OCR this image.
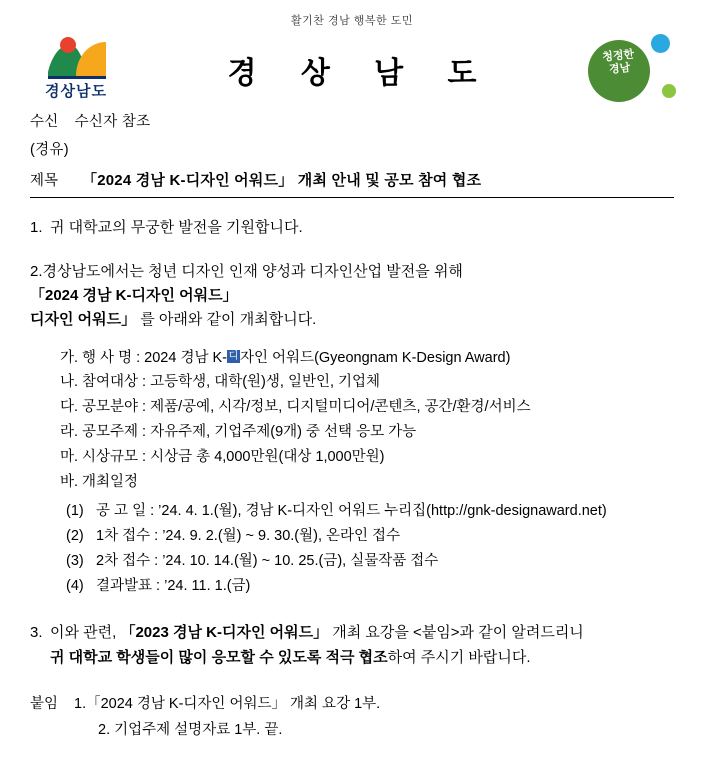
활기찬 경남 행복한 도민
경상남도
경 상 남 도
청정한
경남
수신 수신자 참조
(경유)
제목	「2024 경남 K-디자인 어워드」 개최 안내 및 공모 참여 협조
1. 귀 대학교의 무궁한 발전을 기원합니다.
2.경상남도에서는 청년 디자인 인재 양성과 디자인산업 발전을 위해 「2024 경남 K-디자인 어워드」
디자인 어워드」 를 아래와 같이 개최합니다.
가. 행 사 명 : 2024 경남 K- 디 자인 어워드(Gyeongnam K-Design Award)
나. 참여대상 : 고등학생, 대학(원)생, 일반인, 기업체
다. 공모분야 : 제품/공예, 시각/정보, 디지털미디어/콘텐츠, 공간/환경/서비스
라. 공모주제 : 자유주제, 기업주제(9개) 중 선택 응모 가능
마. 시상규모 : 시상금 총 4,000만원(대상 1,000만원)
바. 개최일정
(1) 공 고 일 : ’24. 4. 1.(월), 경남 K-디자인 어워드 누리집(http://gnk-designaward.net)
(2) 1차 접수 : ’24. 9. 2.(월) ~ 9. 30.(월), 온라인 접수
(3) 2차 접수 : ’24. 10. 14.(월) ~ 10. 25.(금), 실물작품 접수
(4) 결과발표 : ’24. 11. 1.(금)
3. 이와 관련, 「2023 경남 K-디자인 어워드」 개최 요강을 <붙임>과 같이 알려드리니
귀 대학교 학생들이 많이 응모할 수 있도록 적극 협조하여 주시기 바랍니다.
붙임 1.「2024 경남 K-디자인 어워드」 개최 요강 1부.
2. 기업주제 설명자료 1부. 끝.
